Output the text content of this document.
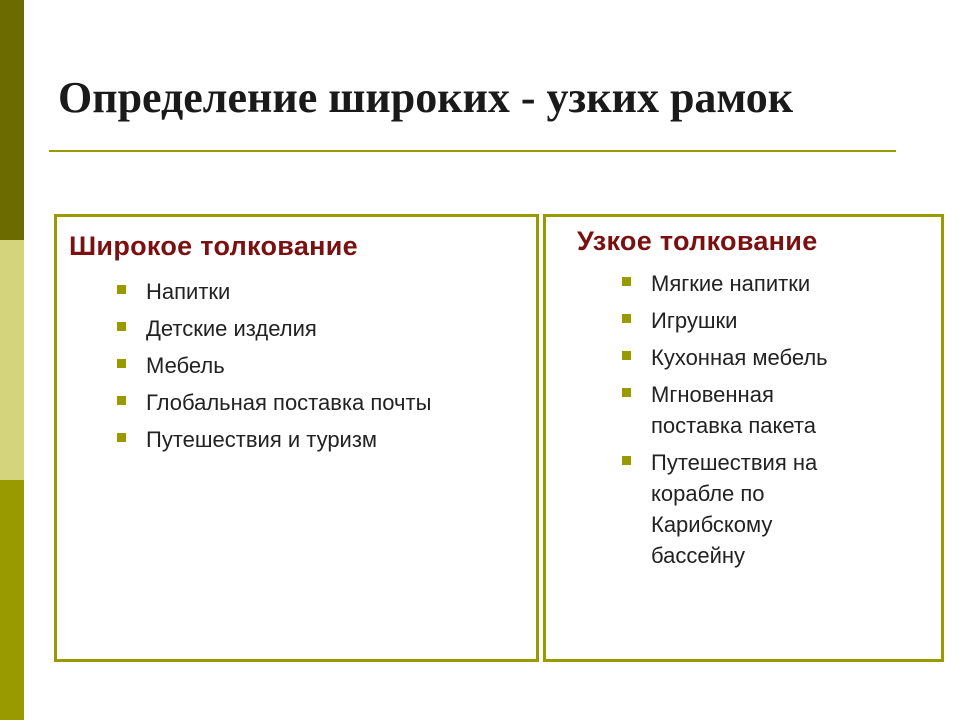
Определение широких - узких рамок
Широкое толкование
Напитки
Детские изделия
Мебель
Глобальная поставка почты
Путешествия и туризм
Узкое толкование
Мягкие напитки
Игрушки
Кухонная мебель
Мгновенная поставка пакета
Путешествия на корабле по Карибскому бассейну
